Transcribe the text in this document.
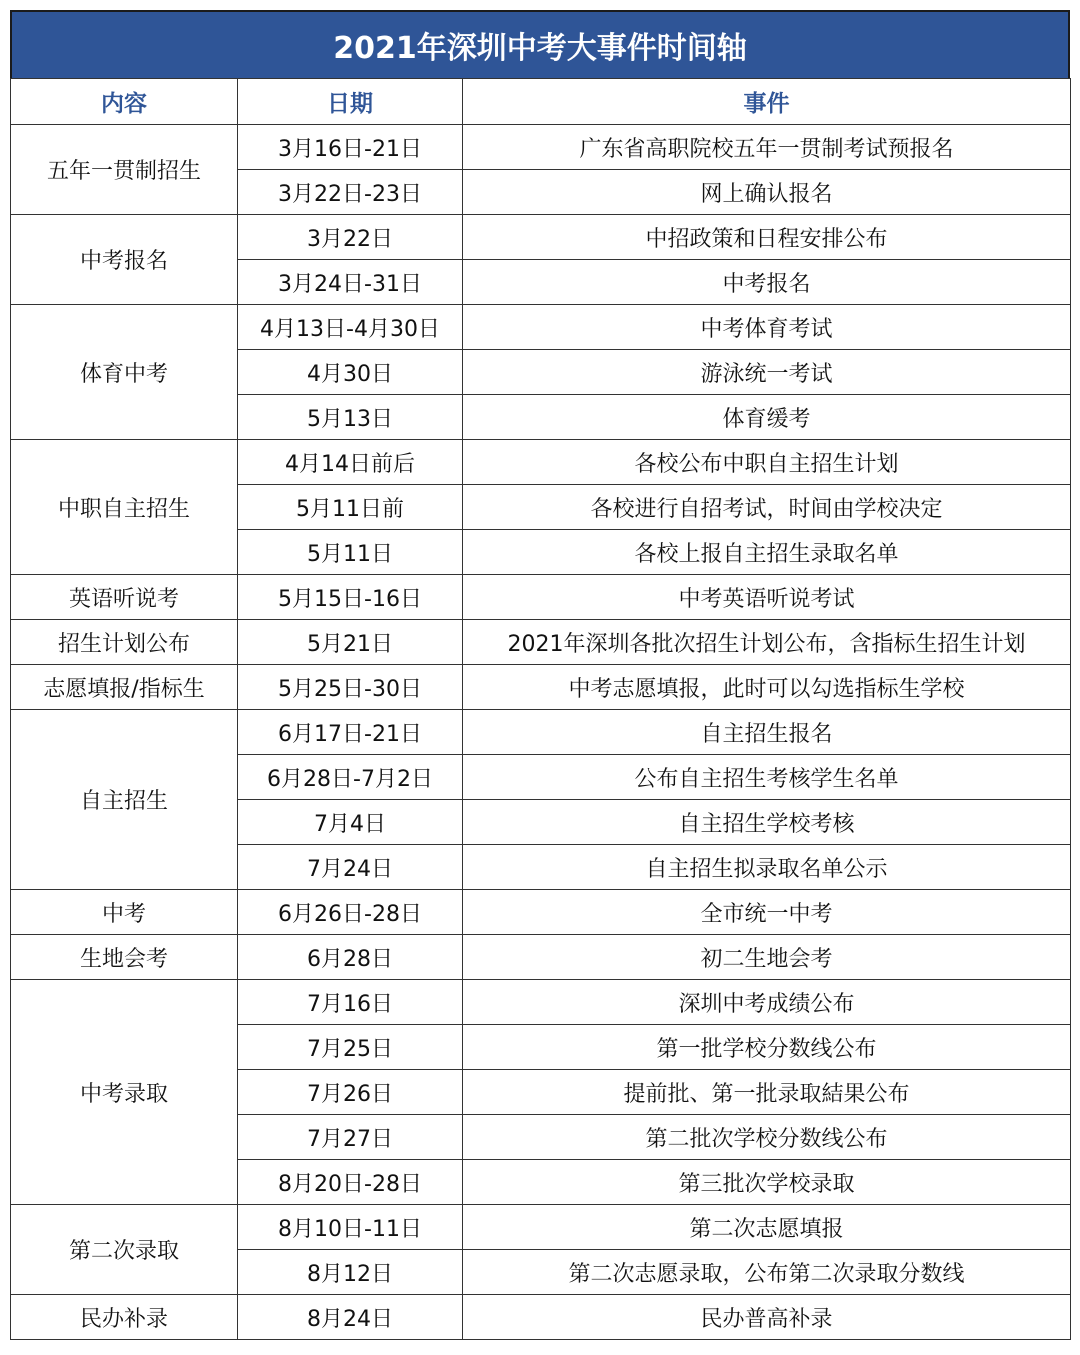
2021年深圳中考大事件时间轴
内容	日期	事件
五年一贯制招生	3月16日-21日	广东省高职院校五年一贯制考试预报名
	3月22日-23日	网上确认报名
中考报名	3月22日	中招政策和日程安排公布
	3月24日-31日	中考报名
体育中考	4月13日-4月30日	中考体育考试
	4月30日	游泳统一考试
	5月13日	体育缓考
中职自主招生	4月14日前后	各校公布中职自主招生计划
	5月11日前	各校进行自招考试，时间由学校决定
	5月11日	各校上报自主招生录取名单
英语听说考	5月15日-16日	中考英语听说考试
招生计划公布	5月21日	2021年深圳各批次招生计划公布，含指标生招生计划
志愿填报/指标生	5月25日-30日	中考志愿填报，此时可以勾选指标生学校
自主招生	6月17日-21日	自主招生报名
	6月28日-7月2日	公布自主招生考核学生名单
	7月4日	自主招生学校考核
	7月24日	自主招生拟录取名单公示
中考	6月26日-28日	全市统一中考
生地会考	6月28日	初二生地会考
中考录取	7月16日	深圳中考成绩公布
	7月25日	第一批学校分数线公布
	7月26日	提前批、第一批录取結果公布
	7月27日	第二批次学校分数线公布
	8月20日-28日	第三批次学校录取
第二次录取	8月10日-11日	第二次志愿填报
	8月12日	第二次志愿录取，公布第二次录取分数线
民办补录	8月24日	民办普高补录
